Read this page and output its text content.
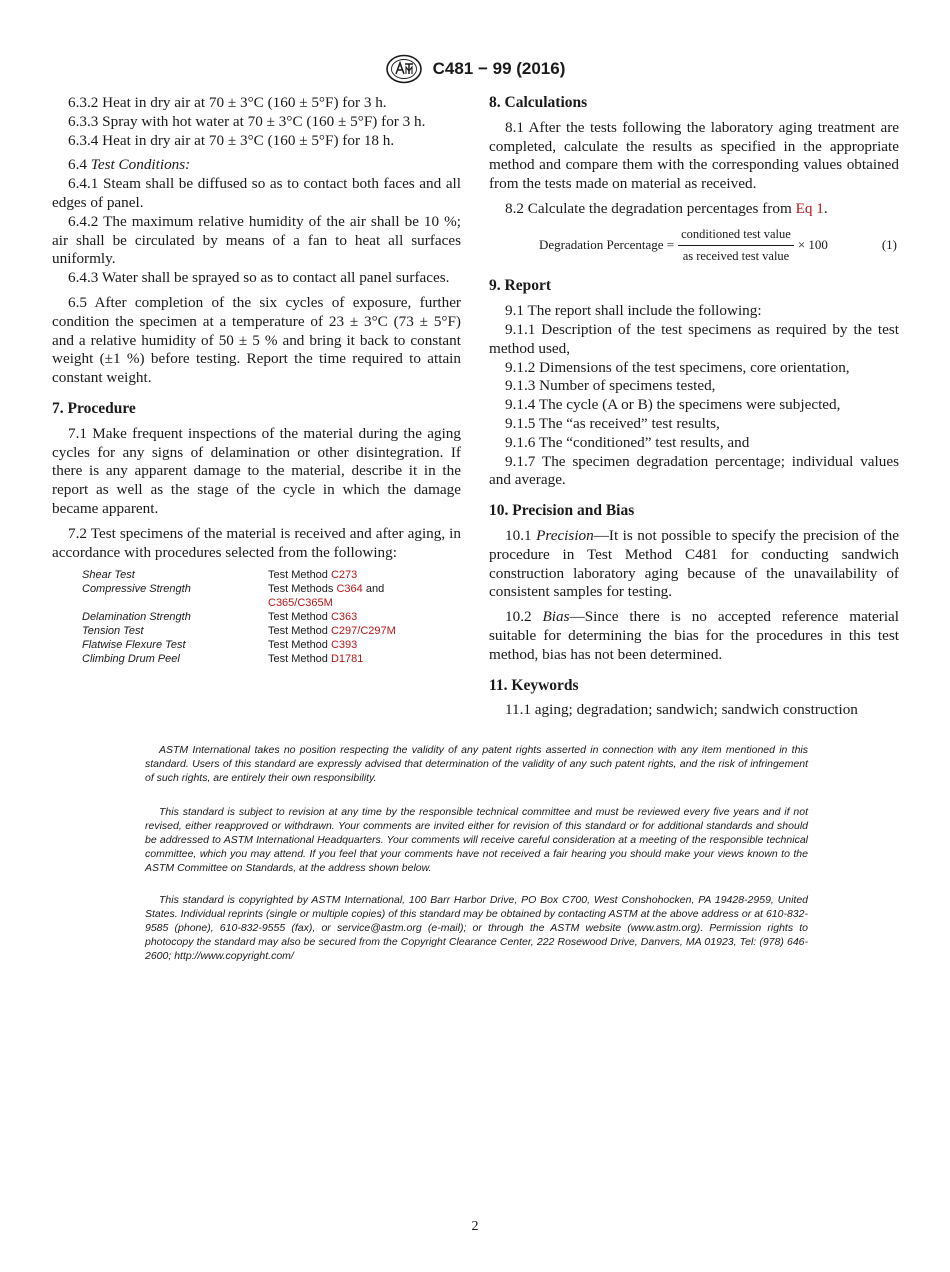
C481 − 99 (2016)

6.3.2 Heat in dry air at 70 ± 3°C (160 ± 5°F) for 3 h.

6.3.3 Spray with hot water at 70 ± 3°C (160 ± 5°F) for 3 h.

6.3.4 Heat in dry air at 70 ± 3°C (160 ± 5°F) for 18 h.

6.4 Test Conditions:

6.4.1 Steam shall be diffused so as to contact both faces and all edges of panel.

6.4.2 The maximum relative humidity of the air shall be 10 %; air shall be circulated by means of a fan to heat all surfaces uniformly.

6.4.3 Water shall be sprayed so as to contact all panel surfaces.

6.5 After completion of the six cycles of exposure, further condition the specimen at a temperature of 23 ± 3°C (73 ± 5°F) and a relative humidity of 50 ± 5 % and bring it back to constant weight (±1 %) before testing. Report the time required to attain constant weight.

7. Procedure

7.1 Make frequent inspections of the material during the aging cycles for any signs of delamination or other disintegration. If there is any apparent damage to the material, describe it in the report as well as the stage of the cycle in which the damage became apparent.

7.2 Test specimens of the material is received and after aging, in accordance with procedures selected from the following:

Shear Test	Test Method C273
Compressive Strength	Test Methods C364 and C365/C365M
Delamination Strength	Test Method C363
Tension Test	Test Method C297/C297M
Flatwise Flexure Test	Test Method C393
Climbing Drum Peel	Test Method D1781
8. Calculations

8.1 After the tests following the laboratory aging treatment are completed, calculate the results as specified in the appropriate method and compare them with the corresponding values obtained from the tests made on material as received.

8.2 Calculate the degradation percentages from Eq 1.

Degradation Percentage = $\frac{\text{conditioned test value}}{\text{as received test value}} \times 100$	(1)
9. Report

9.1 The report shall include the following:

9.1.1 Description of the test specimens as required by the test method used,

9.1.2 Dimensions of the test specimens, core orientation,

9.1.3 Number of specimens tested,

9.1.4 The cycle (A or B) the specimens were subjected,

9.1.5 The “as received” test results,

9.1.6 The “conditioned” test results, and

9.1.7 The specimen degradation percentage; individual values and average.

10. Precision and Bias

10.1 Precision—It is not possible to specify the precision of the procedure in Test Method C481 for conducting sandwich construction laboratory aging because of the unavailability of consistent samples for testing.

10.2 Bias—Since there is no accepted reference material suitable for determining the bias for the procedures in this test method, bias has not been determined.

11. Keywords

11.1 aging; degradation; sandwich; sandwich construction

ASTM International takes no position respecting the validity of any patent rights asserted in connection with any item mentioned in this standard. Users of this standard are expressly advised that determination of the validity of any such patent rights, and the risk of infringement of such rights, are entirely their own responsibility.

This standard is subject to revision at any time by the responsible technical committee and must be reviewed every five years and if not revised, either reapproved or withdrawn. Your comments are invited either for revision of this standard or for additional standards and should be addressed to ASTM International Headquarters. Your comments will receive careful consideration at a meeting of the responsible technical committee, which you may attend. If you feel that your comments have not received a fair hearing you should make your views known to the ASTM Committee on Standards, at the address shown below.

This standard is copyrighted by ASTM International, 100 Barr Harbor Drive, PO Box C700, West Conshohocken, PA 19428-2959, United States. Individual reprints (single or multiple copies) of this standard may be obtained by contacting ASTM at the above address or at 610-832-9585 (phone), 610-832-9555 (fax), or service@astm.org (e-mail); or through the ASTM website (www.astm.org). Permission rights to photocopy the standard may also be secured from the Copyright Clearance Center, 222 Rosewood Drive, Danvers, MA 01923, Tel: (978) 646-2600; http://www.copyright.com/

2
